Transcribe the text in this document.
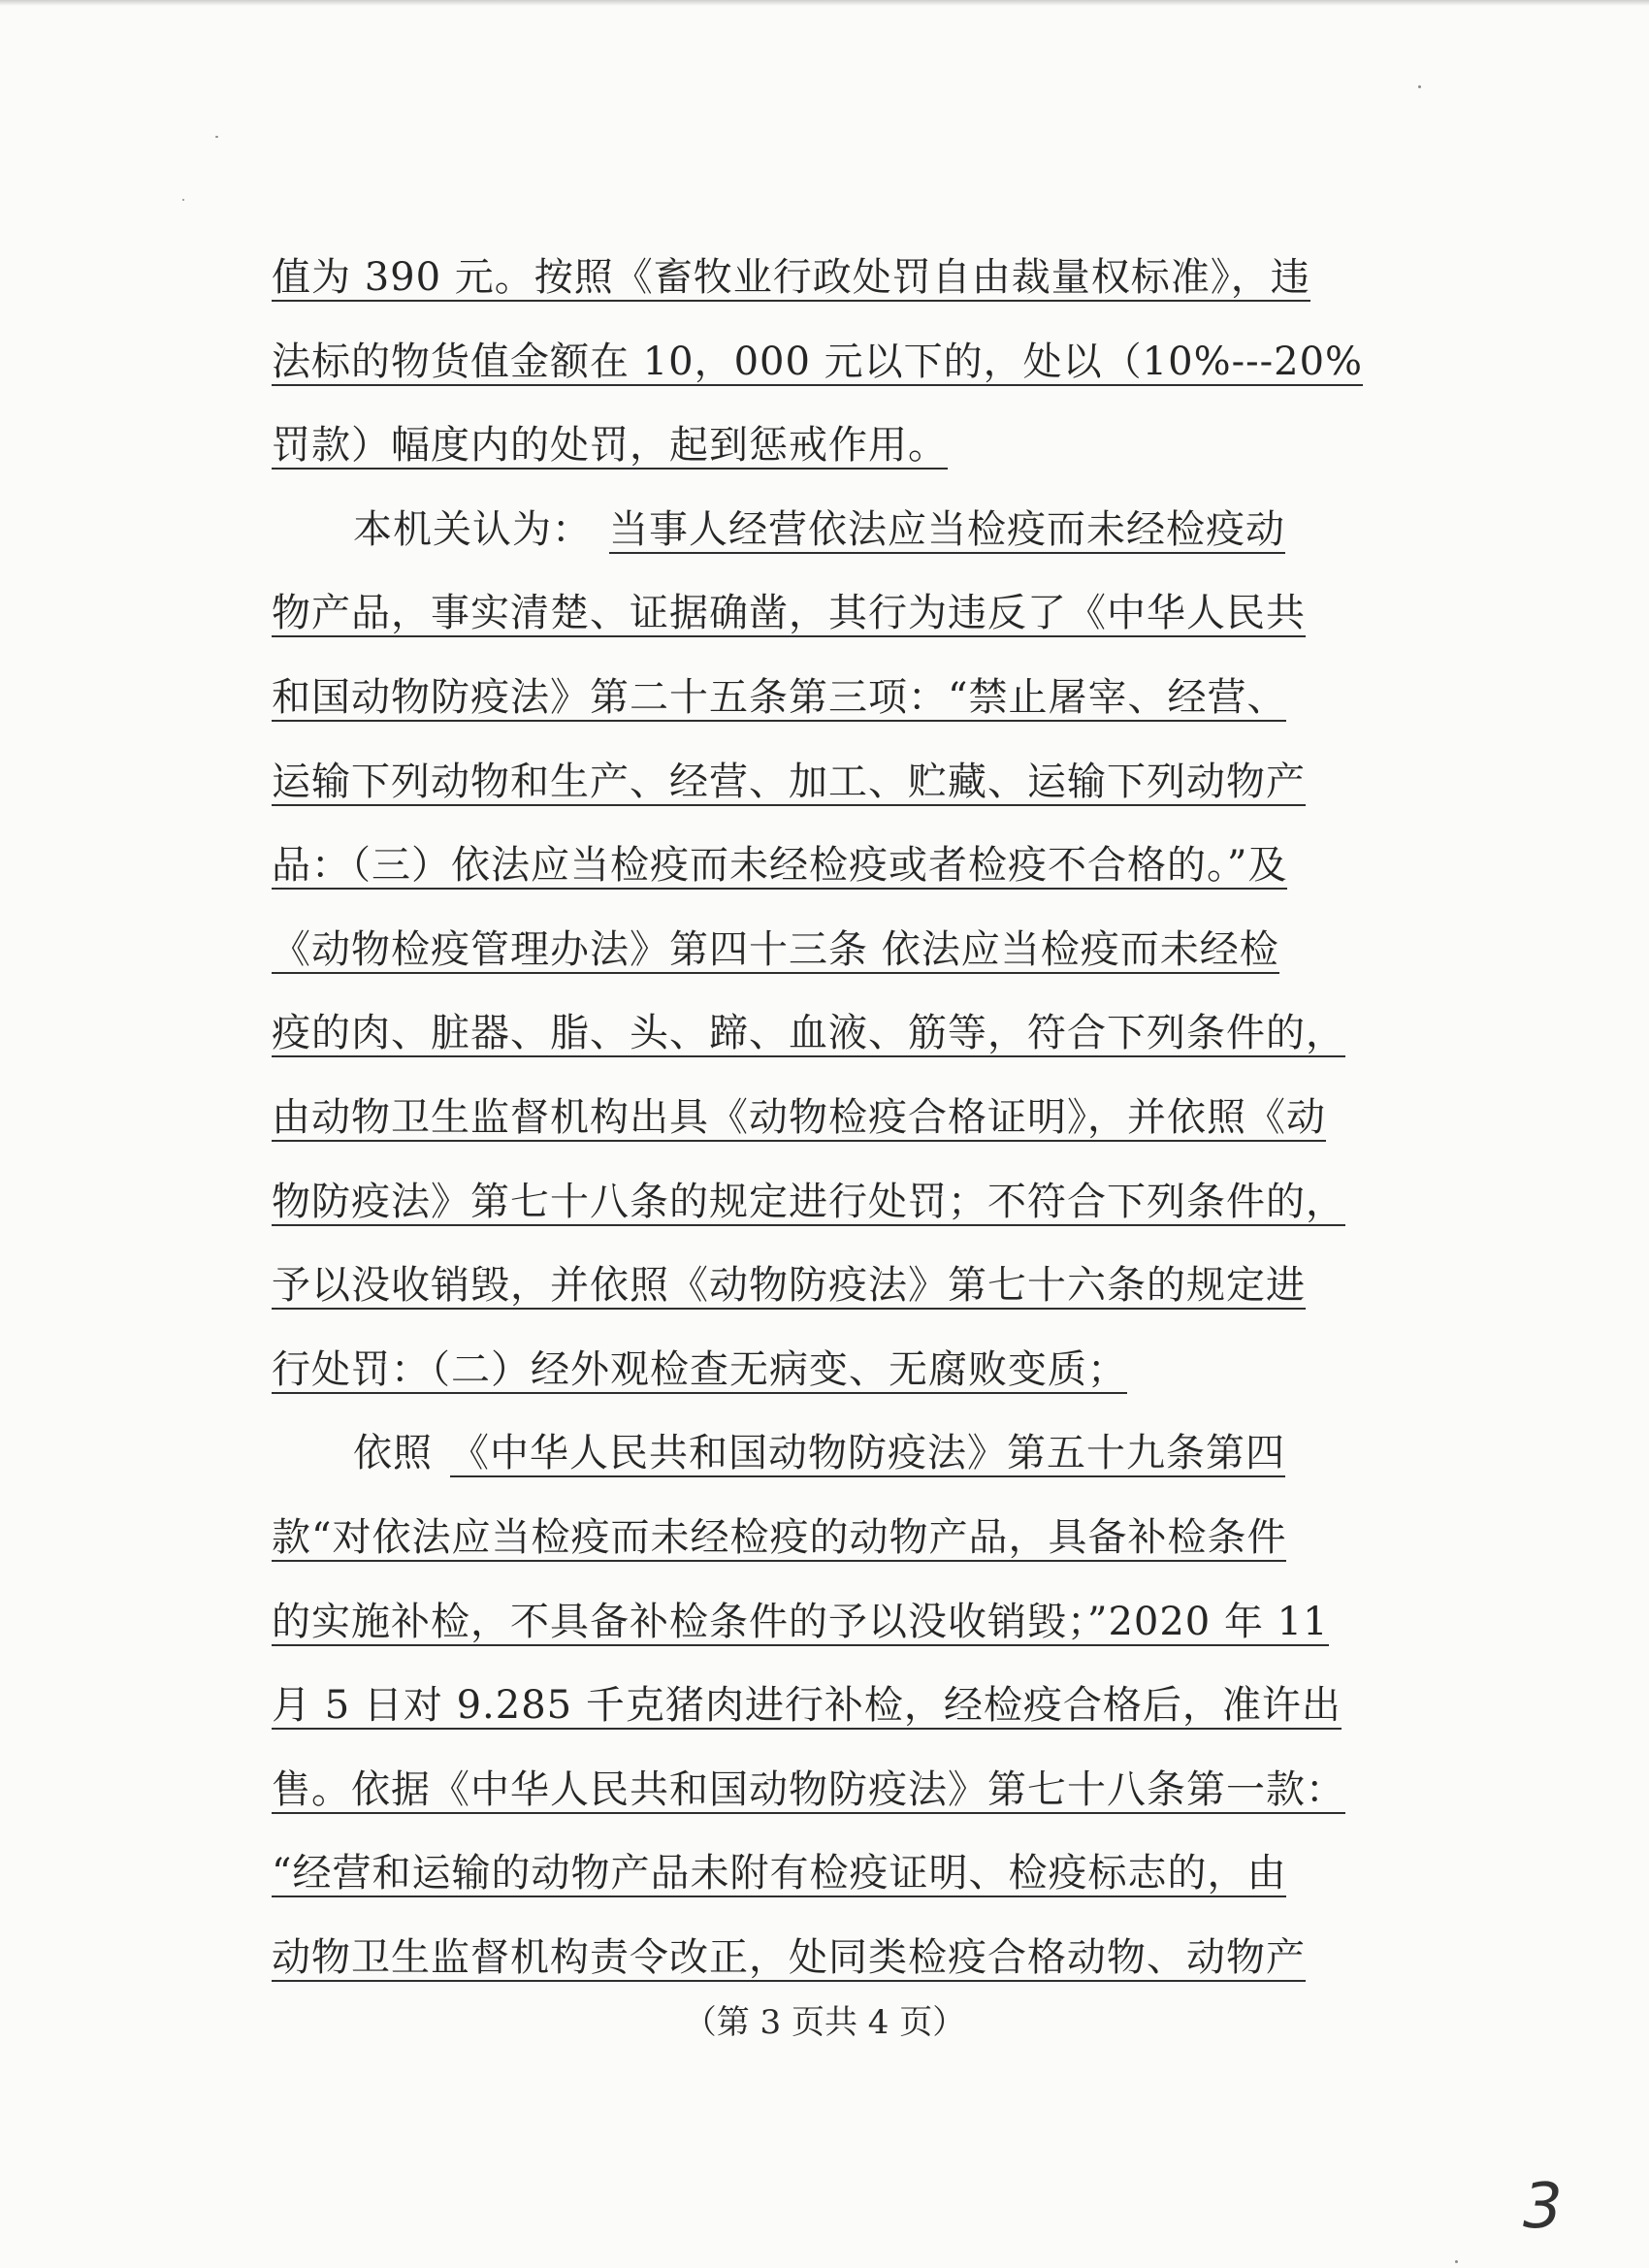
值为 390 元。按照《畜牧业行政处罚自由裁量权标准》，违
法标的物货值金额在 10，000 元以下的，处以（10%---20%
罚款）幅度内的处罚，起到惩戒作用。
本机关认为： 当事人经营依法应当检疫而未经检疫动
物产品，事实清楚、证据确凿，其行为违反了《中华人民共
和国动物防疫法》第二十五条第三项：“禁止屠宰、经营、
运输下列动物和生产、经营、加工、贮藏、运输下列动物产
品：（三）依法应当检疫而未经检疫或者检疫不合格的。”及
《动物检疫管理办法》第四十三条 依法应当检疫而未经检
疫的肉、脏器、脂、头、蹄、血液、筋等，符合下列条件的，
由动物卫生监督机构出具《动物检疫合格证明》，并依照《动
物防疫法》第七十八条的规定进行处罚；不符合下列条件的，
予以没收销毁，并依照《动物防疫法》第七十六条的规定进
行处罚：（二）经外观检查无病变、无腐败变质；
依照 《中华人民共和国动物防疫法》第五十九条第四
款“对依法应当检疫而未经检疫的动物产品，具备补检条件
的实施补检，不具备补检条件的予以没收销毁；”2020 年 11
月 5 日对 9.285 千克猪肉进行补检，经检疫合格后，准许出
售。依据《中华人民共和国动物防疫法》第七十八条第一款：
“经营和运输的动物产品未附有检疫证明、检疫标志的，由
动物卫生监督机构责令改正，处同类检疫合格动物、动物产
（第 3 页共 4 页）
3
